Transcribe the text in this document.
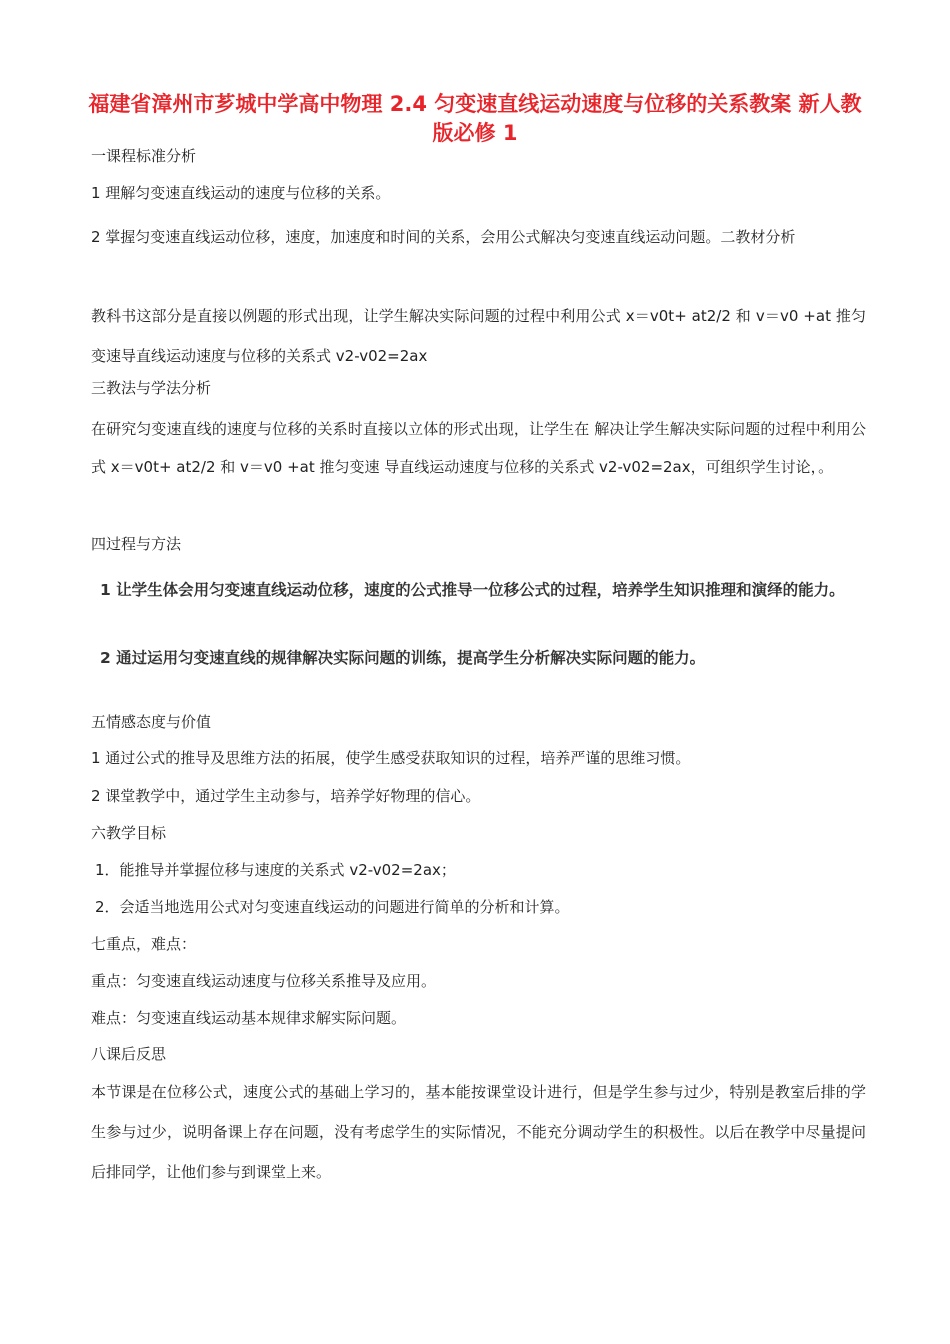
福建省漳州市芗城中学高中物理 2.4 匀变速直线运动速度与位移的关系教案 新人教版必修 1
一课程标准分析
1 理解匀变速直线运动的速度与位移的关系。
2 掌握匀变速直线运动位移，速度，加速度和时间的关系，会用公式解决匀变速直线运动问题。二教材分析
教科书这部分是直接以例题的形式出现，让学生解决实际问题的过程中利用公式 x＝v0t+ at2/2 和 v＝v0 +at 推匀变速导直线运动速度与位移的关系式 v2-v02=2ax
三教法与学法分析
在研究匀变速直线的速度与位移的关系时直接以立体的形式出现，让学生在 解决让学生解决实际问题的过程中利用公式 x＝v0t+ at2/2 和 v＝v0 +at 推匀变速 导直线运动速度与位移的关系式 v2-v02=2ax，可组织学生讨论，。
四过程与方法
1 让学生体会用匀变速直线运动位移，速度的公式推导一位移公式的过程，培养学生知识推理和演绎的能力。
2 通过运用匀变速直线的规律解决实际问题的训练，提高学生分析解决实际问题的能力。
五情感态度与价值
1 通过公式的推导及思维方法的拓展，使学生感受获取知识的过程，培养严谨的思维习惯。
2 课堂教学中，通过学生主动参与，培养学好物理的信心。
六教学目标
1．能推导并掌握位移与速度的关系式 v2-v02=2ax；
2．会适当地选用公式对匀变速直线运动的问题进行简单的分析和计算。
七重点，难点：
重点：匀变速直线运动速度与位移关系推导及应用。
难点：匀变速直线运动基本规律求解实际问题。
八课后反思
本节课是在位移公式，速度公式的基础上学习的，基本能按课堂设计进行，但是学生参与过少，特别是教室后排的学生参与过少，说明备课上存在问题，没有考虑学生的实际情况，不能充分调动学生的积极性。以后在教学中尽量提问后排同学，让他们参与到课堂上来。
